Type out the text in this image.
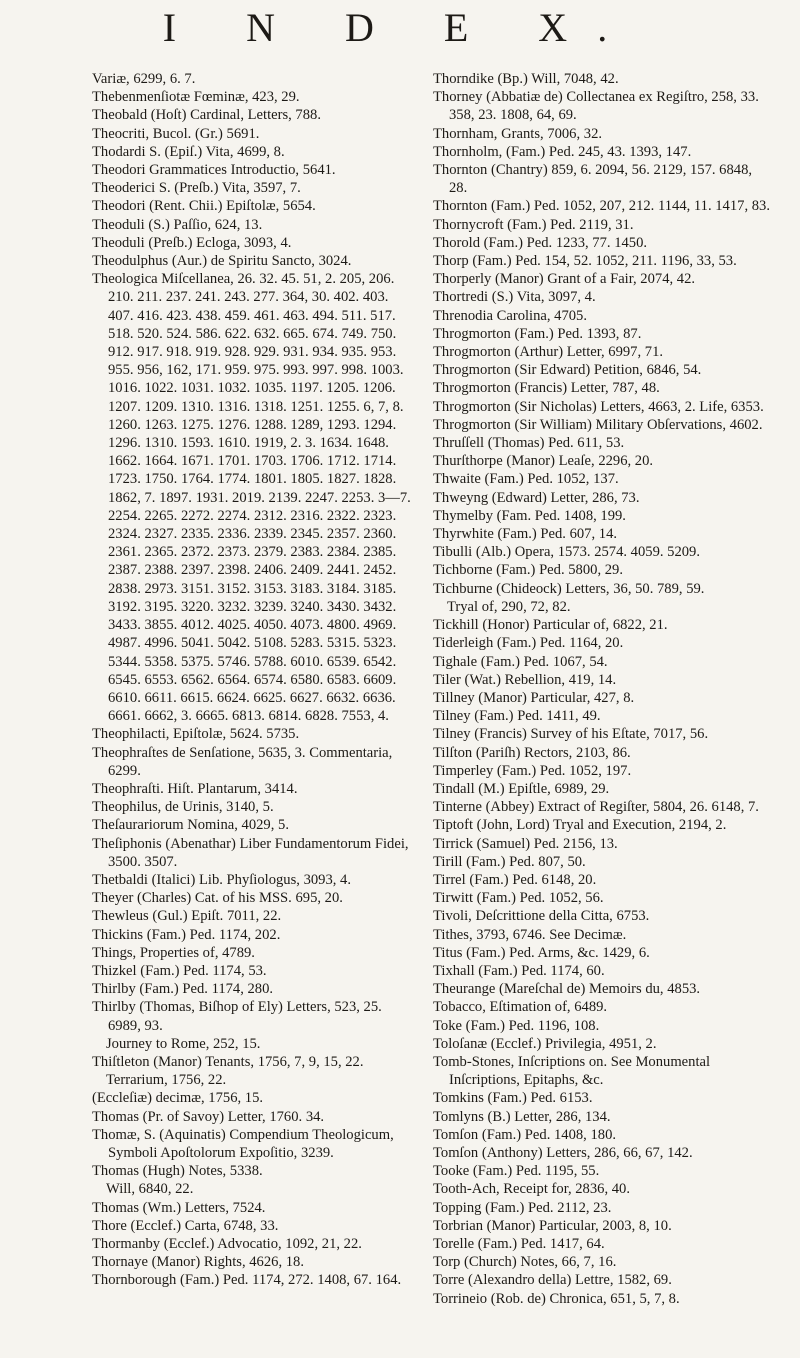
I N D E X.

Variæ, 6299, 6. 7.

Thebenmenſiotæ Fœminæ, 423, 29.

Theobald (Hoſt) Cardinal, Letters, 788.

Theocriti, Bucol. (Gr.) 5691.

Thodardi S. (Epiſ.) Vita, 4699, 8.

Theodori Grammatices Introductio, 5641.

Theoderici S. (Preſb.) Vita, 3597, 7.

Theodori (Rent. Chii.) Epiſtolæ, 5654.

Theoduli (S.) Paſſio, 624, 13.

Theoduli (Preſb.) Ecloga, 3093, 4.

Theodulphus (Aur.) de Spiritu Sancto, 3024.

Theologica Miſcellanea, 26. 32. 45. 51, 2. 205, 206. 210. 211. 237. 241. 243. 277. 364, 30. 402. 403. 407. 416. 423. 438. 459. 461. 463. 494. 511. 517. 518. 520. 524. 586. 622. 632. 665. 674. 749. 750. 912. 917. 918. 919. 928. 929. 931. 934. 935. 953. 955. 956, 162, 171. 959. 975. 993. 997. 998. 1003. 1016. 1022. 1031. 1032. 1035. 1197. 1205. 1206. 1207. 1209. 1310. 1316. 1318. 1251. 1255. 6, 7, 8. 1260. 1263. 1275. 1276. 1288. 1289, 1293. 1294. 1296. 1310. 1593. 1610. 1919, 2. 3. 1634. 1648. 1662. 1664. 1671. 1701. 1703. 1706. 1712. 1714. 1723. 1750. 1764. 1774. 1801. 1805. 1827. 1828. 1862, 7. 1897. 1931. 2019. 2139. 2247. 2253. 3—7. 2254. 2265. 2272. 2274. 2312. 2316. 2322. 2323. 2324. 2327. 2335. 2336. 2339. 2345. 2357. 2360. 2361. 2365. 2372. 2373. 2379. 2383. 2384. 2385. 2387. 2388. 2397. 2398. 2406. 2409. 2441. 2452. 2838. 2973. 3151. 3152. 3153. 3183. 3184. 3185. 3192. 3195. 3220. 3232. 3239. 3240. 3430. 3432. 3433. 3855. 4012. 4025. 4050. 4073. 4800. 4969. 4987. 4996. 5041. 5042. 5108. 5283. 5315. 5323. 5344. 5358. 5375. 5746. 5788. 6010. 6539. 6542. 6545. 6553. 6562. 6564. 6574. 6580. 6583. 6609. 6610. 6611. 6615. 6624. 6625. 6627. 6632. 6636. 6661. 6662, 3. 6665. 6813. 6814. 6828. 7553, 4.

Theophilacti, Epiſtolæ, 5624. 5735.

Theophraſtes de Senſatione, 5635, 3. Commentaria, 6299.

Theophraſti. Hiſt. Plantarum, 3414.

Theophilus, de Urinis, 3140, 5.

Theſaurariorum Nomina, 4029, 5.

Theſiphonis (Abenathar) Liber Fundamentorum Fidei, 3500. 3507.

Thetbaldi (Italici) Lib. Phyſiologus, 3093, 4.

Theyer (Charles) Cat. of his MSS. 695, 20.

Thewleus (Gul.) Epiſt. 7011, 22.

Thickins (Fam.) Ped. 1174, 202.

Things, Properties of, 4789.

Thizkel (Fam.) Ped. 1174, 53.

Thirlby (Fam.) Ped. 1174, 280.

Thirlby (Thomas, Biſhop of Ely) Letters, 523, 25. 6989, 93.

Journey to Rome, 252, 15.

Thiſtleton (Manor) Tenants, 1756, 7, 9, 15, 22.

Terrarium, 1756, 22.

(Eccleſiæ) decimæ, 1756, 15.

Thomas (Pr. of Savoy) Letter, 1760. 34.

Thomæ, S. (Aquinatis) Compendium Theologicum, Symboli Apoſtolorum Expoſitio, 3239.

Thomas (Hugh) Notes, 5338.

Will, 6840, 22.

Thomas (Wm.) Letters, 7524.

Thore (Ecclef.) Carta, 6748, 33.

Thormanby (Ecclef.) Advocatio, 1092, 21, 22.

Thornaye (Manor) Rights, 4626, 18.

Thornborough (Fam.) Ped. 1174, 272. 1408, 67. 164.

Thorndike (Bp.) Will, 7048, 42.

Thorney (Abbatiæ de) Collectanea ex Regiſtro, 258, 33. 358, 23. 1808, 64, 69.

Thornham, Grants, 7006, 32.

Thornholm, (Fam.) Ped. 245, 43. 1393, 147.

Thornton (Chantry) 859, 6. 2094, 56. 2129, 157. 6848, 28.

Thornton (Fam.) Ped. 1052, 207, 212. 1144, 11. 1417, 83.

Thornycroft (Fam.) Ped. 2119, 31.

Thorold (Fam.) Ped. 1233, 77. 1450.

Thorp (Fam.) Ped. 154, 52. 1052, 211. 1196, 33, 53.

Thorperly (Manor) Grant of a Fair, 2074, 42.

Thortredi (S.) Vita, 3097, 4.

Threnodia Carolina, 4705.

Throgmorton (Fam.) Ped. 1393, 87.

Throgmorton (Arthur) Letter, 6997, 71.

Throgmorton (Sir Edward) Petition, 6846, 54.

Throgmorton (Francis) Letter, 787, 48.

Throgmorton (Sir Nicholas) Letters, 4663, 2. Life, 6353.

Throgmorton (Sir William) Military Obſervations, 4602.

Thruſſell (Thomas) Ped. 611, 53.

Thurſthorpe (Manor) Leaſe, 2296, 20.

Thwaite (Fam.) Ped. 1052, 137.

Thweyng (Edward) Letter, 286, 73.

Thymelby (Fam. Ped. 1408, 199.

Thyrwhite (Fam.) Ped. 607, 14.

Tibulli (Alb.) Opera, 1573. 2574. 4059. 5209.

Tichborne (Fam.) Ped. 5800, 29.

Tichburne (Chideock) Letters, 36, 50. 789, 59.

Tryal of, 290, 72, 82.

Tickhill (Honor) Particular of, 6822, 21.

Tiderleigh (Fam.) Ped. 1164, 20.

Tighale (Fam.) Ped. 1067, 54.

Tiler (Wat.) Rebellion, 419, 14.

Tillney (Manor) Particular, 427, 8.

Tilney (Fam.) Ped. 1411, 49.

Tilney (Francis) Survey of his Eſtate, 7017, 56.

Tilſton (Pariſh) Rectors, 2103, 86.

Timperley (Fam.) Ped. 1052, 197.

Tindall (M.) Epiſtle, 6989, 29.

Tinterne (Abbey) Extract of Regiſter, 5804, 26. 6148, 7.

Tiptoft (John, Lord) Tryal and Execution, 2194, 2.

Tirrick (Samuel) Ped. 2156, 13.

Tirill (Fam.) Ped. 807, 50.

Tirrel (Fam.) Ped. 6148, 20.

Tirwitt (Fam.) Ped. 1052, 56.

Tivoli, Deſcrittione della Citta, 6753.

Tithes, 3793, 6746. See Decimæ.

Titus (Fam.) Ped. Arms, &c. 1429, 6.

Tixhall (Fam.) Ped. 1174, 60.

Theurange (Mareſchal de) Memoirs du, 4853.

Tobacco, Eſtimation of, 6489.

Toke (Fam.) Ped. 1196, 108.

Toloſanæ (Ecclef.) Privilegia, 4951, 2.

Tomb-Stones, Inſcriptions on. See Monumental Inſcriptions, Epitaphs, &c.

Tomkins (Fam.) Ped. 6153.

Tomlyns (B.) Letter, 286, 134.

Tomſon (Fam.) Ped. 1408, 180.

Tomſon (Anthony) Letters, 286, 66, 67, 142.

Tooke (Fam.) Ped. 1195, 55.

Tooth-Ach, Receipt for, 2836, 40.

Topping (Fam.) Ped. 2112, 23.

Torbrian (Manor) Particular, 2003, 8, 10.

Torelle (Fam.) Ped. 1417, 64.

Torp (Church) Notes, 66, 7, 16.

Torre (Alexandro della) Lettre, 1582, 69.

Torrineio (Rob. de) Chronica, 651, 5, 7, 8.
